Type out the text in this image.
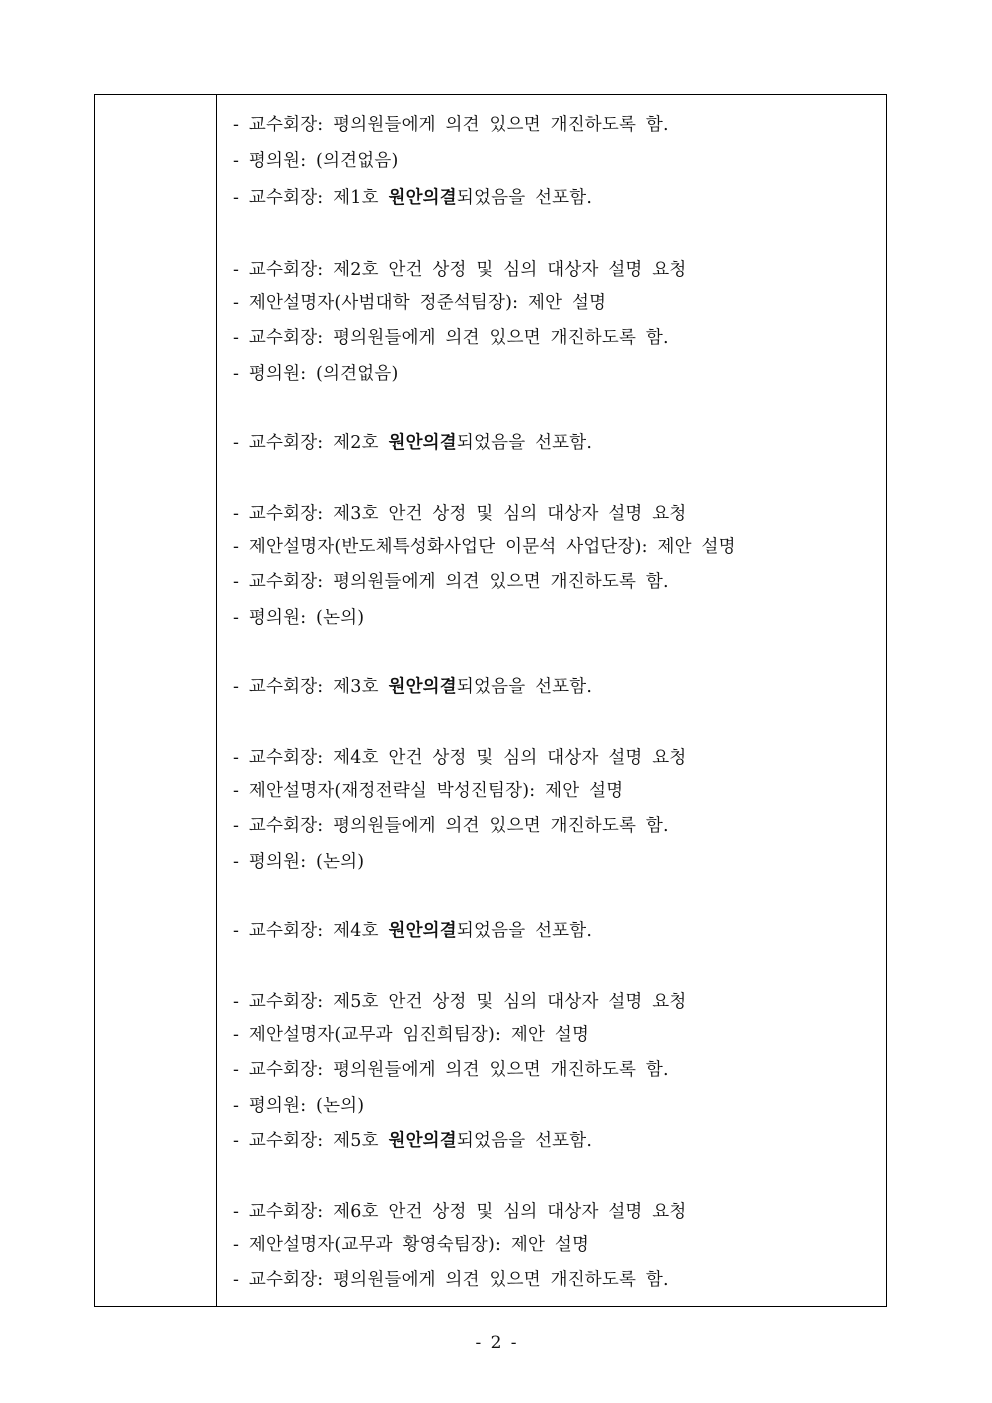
- 교수회장: 평의원들에게 의견 있으면 개진하도록 함.
- 평의원: (의견없음)
- 교수회장: 제1호 원안의결되었음을 선포함.
- 교수회장: 제2호 안건 상정 및 심의 대상자 설명 요청
- 제안설명자(사범대학 정준석팀장): 제안 설명
- 교수회장: 평의원들에게 의견 있으면 개진하도록 함.
- 평의원: (의견없음)
- 교수회장: 제2호 원안의결되었음을 선포함.
- 교수회장: 제3호 안건 상정 및 심의 대상자 설명 요청
- 제안설명자(반도체특성화사업단 이문석 사업단장): 제안 설명
- 교수회장: 평의원들에게 의견 있으면 개진하도록 함.
- 평의원: (논의)
- 교수회장: 제3호 원안의결되었음을 선포함.
- 교수회장: 제4호 안건 상정 및 심의 대상자 설명 요청
- 제안설명자(재정전략실 박성진팀장): 제안 설명
- 교수회장: 평의원들에게 의견 있으면 개진하도록 함.
- 평의원: (논의)
- 교수회장: 제4호 원안의결되었음을 선포함.
- 교수회장: 제5호 안건 상정 및 심의 대상자 설명 요청
- 제안설명자(교무과 임진희팀장): 제안 설명
- 교수회장: 평의원들에게 의견 있으면 개진하도록 함.
- 평의원: (논의)
- 교수회장: 제5호 원안의결되었음을 선포함.
- 교수회장: 제6호 안건 상정 및 심의 대상자 설명 요청
- 제안설명자(교무과 황영숙팀장): 제안 설명
- 교수회장: 평의원들에게 의견 있으면 개진하도록 함.
- 2 -
